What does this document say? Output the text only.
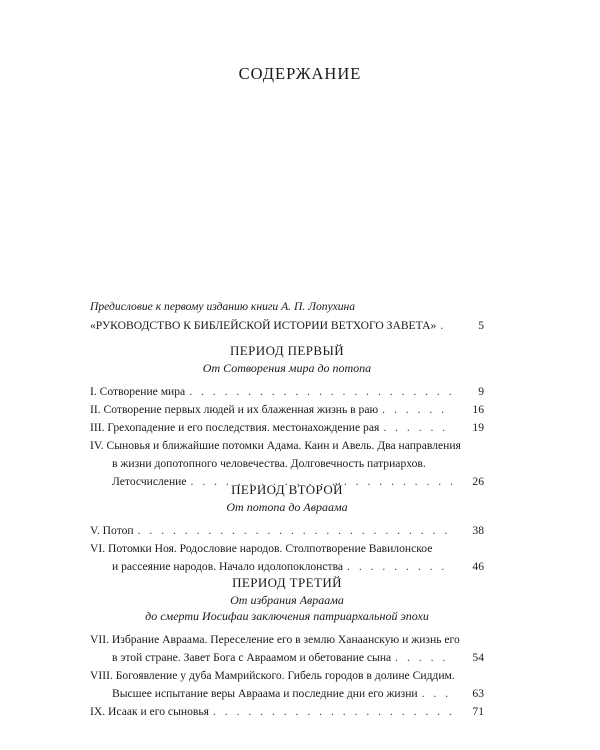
СОДЕРЖАНИЕ
Предисловие к первому изданию книги А. П. Лопухина
«РУКОВОДСТВО К БИБЛЕЙСКОЙ ИСТОРИИ ВЕТХОГО ЗАВЕТА» . . .	5
ПЕРИОД ПЕРВЫЙ
От Сотворения мира до потопа
I. Сотворение мира . . .	9
II. Сотворение первых людей и их блаженная жизнь в раю . . .	16
III. Грехопадение и его последствия. местонахождение рая . . .	19
IV. Сыновья и ближайшие потомки Адама. Каин и Авель. Два направления
в жизни допотопного человечества. Долговечность патриархов.
Летосчисление . . .	26
ПЕРИОД ВТОРОЙ
От потопа до Авраама
V. Потоп . . .	38
VI. Потомки Ноя. Родословие народов. Столпотворение Вавилонское
и рассеяние народов. Начало идолопоклонства . . .	46
ПЕРИОД ТРЕТИЙ
От избрания Авраама
до смерти Иосифаи заключения патриархальной эпохи
VII. Избрание Авраама. Переселение его в землю Ханаанскую и жизнь его
в этой стране. Завет Бога с Авраамом и обетование сына . . .	54
VIII. Богоявление у дуба Мамрийского. Гибель городов в долине Сиддим.
Высшее испытание веры Авраама и последние дни его жизни . . .	63
IX. Исаак и его сыновья . . .	71
